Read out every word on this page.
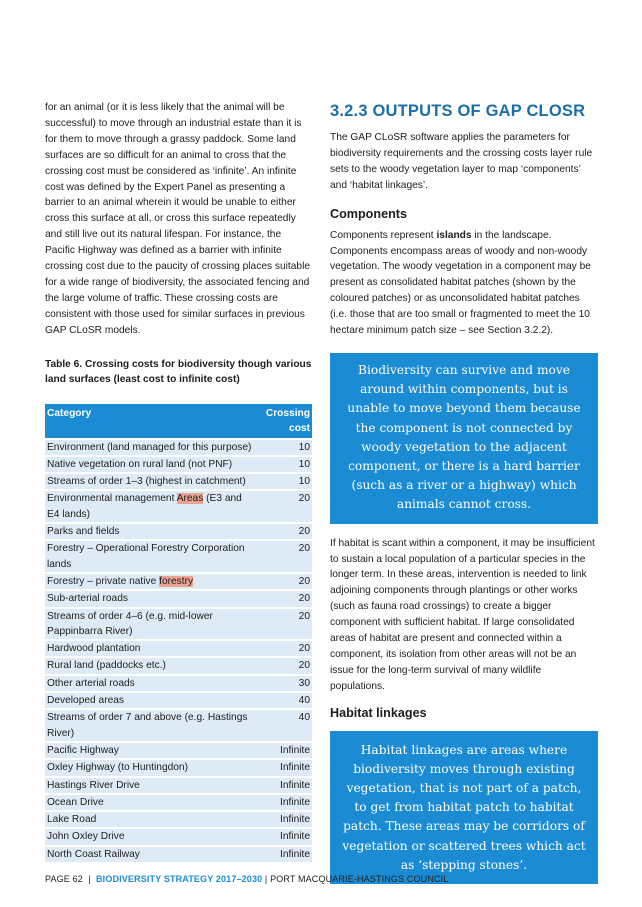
for an animal (or it is less likely that the animal will be successful) to move through an industrial estate than it is for them to move through a grassy paddock. Some land surfaces are so difficult for an animal to cross that the crossing cost must be considered as ‘infinite’. An infinite cost was defined by the Expert Panel as presenting a barrier to an animal wherein it would be unable to either cross this surface at all, or cross this surface repeatedly and still live out its natural lifespan. For instance, the Pacific Highway was defined as a barrier with infinite crossing cost due to the paucity of crossing places suitable for a wide range of biodiversity, the associated fencing and the large volume of traffic. These crossing costs are consistent with those used for similar surfaces in previous GAP CLoSR models.

Table 6. Crossing costs for biodiversity though various land surfaces (least cost to infinite cost)

Category	Crossing cost
Environment (land managed for this purpose)	10
Native vegetation on rural land (not PNF)	10
Streams of order 1–3 (highest in catchment)	10
Environmental management Areas (E3 and E4 lands)	20
Parks and fields	20
Forestry – Operational Forestry Corporation lands	20
Forestry – private native forestry	20
Sub-arterial roads	20
Streams of order 4–6 (e.g. mid-lower Pappinbarra River)	20
Hardwood plantation	20
Rural land (paddocks etc.)	20
Other arterial roads	30
Developed areas	40
Streams of order 7 and above (e.g. Hastings River)	40
Pacific Highway	Infinite
Oxley Highway (to Huntingdon)	Infinite
Hastings River Drive	Infinite
Ocean Drive	Infinite
Lake Road	Infinite
John Oxley Drive	Infinite
North Coast Railway	Infinite
3.2.3 OUTPUTS OF GAP CLOSR

The GAP CLoSR software applies the parameters for biodiversity requirements and the crossing costs layer rule sets to the woody vegetation layer to map ‘components’ and ‘habitat linkages’.

Components

Components represent islands in the landscape. Components encompass areas of woody and non-woody vegetation. The woody vegetation in a component may be present as consolidated habitat patches (shown by the coloured patches) or as unconsolidated habitat patches (i.e. those that are too small or fragmented to meet the 10 hectare minimum patch size – see Section 3.2.2).

Biodiversity can survive and move around within components, but is unable to move beyond them because the component is not connected by woody vegetation to the adjacent component, or there is a hard barrier (such as a river or a highway) which animals cannot cross.

If habitat is scant within a component, it may be insufficient to sustain a local population of a particular species in the longer term. In these areas, intervention is needed to link adjoining components through plantings or other works (such as fauna road crossings) to create a bigger component with sufficient habitat. If large consolidated areas of habitat are present and connected within a component, its isolation from other areas will not be an issue for the long-term survival of many wildlife populations.

Habitat linkages
Habitat linkages are areas where biodiversity moves through existing vegetation, that is not part of a patch, to get from habitat patch to habitat patch. These areas may be corridors of vegetation or scattered trees which act as ‘stepping stones’.
PAGE 62 | BIODIVERSITY STRATEGY 2017–2030 | PORT MACQUARIE-HASTINGS COUNCIL
